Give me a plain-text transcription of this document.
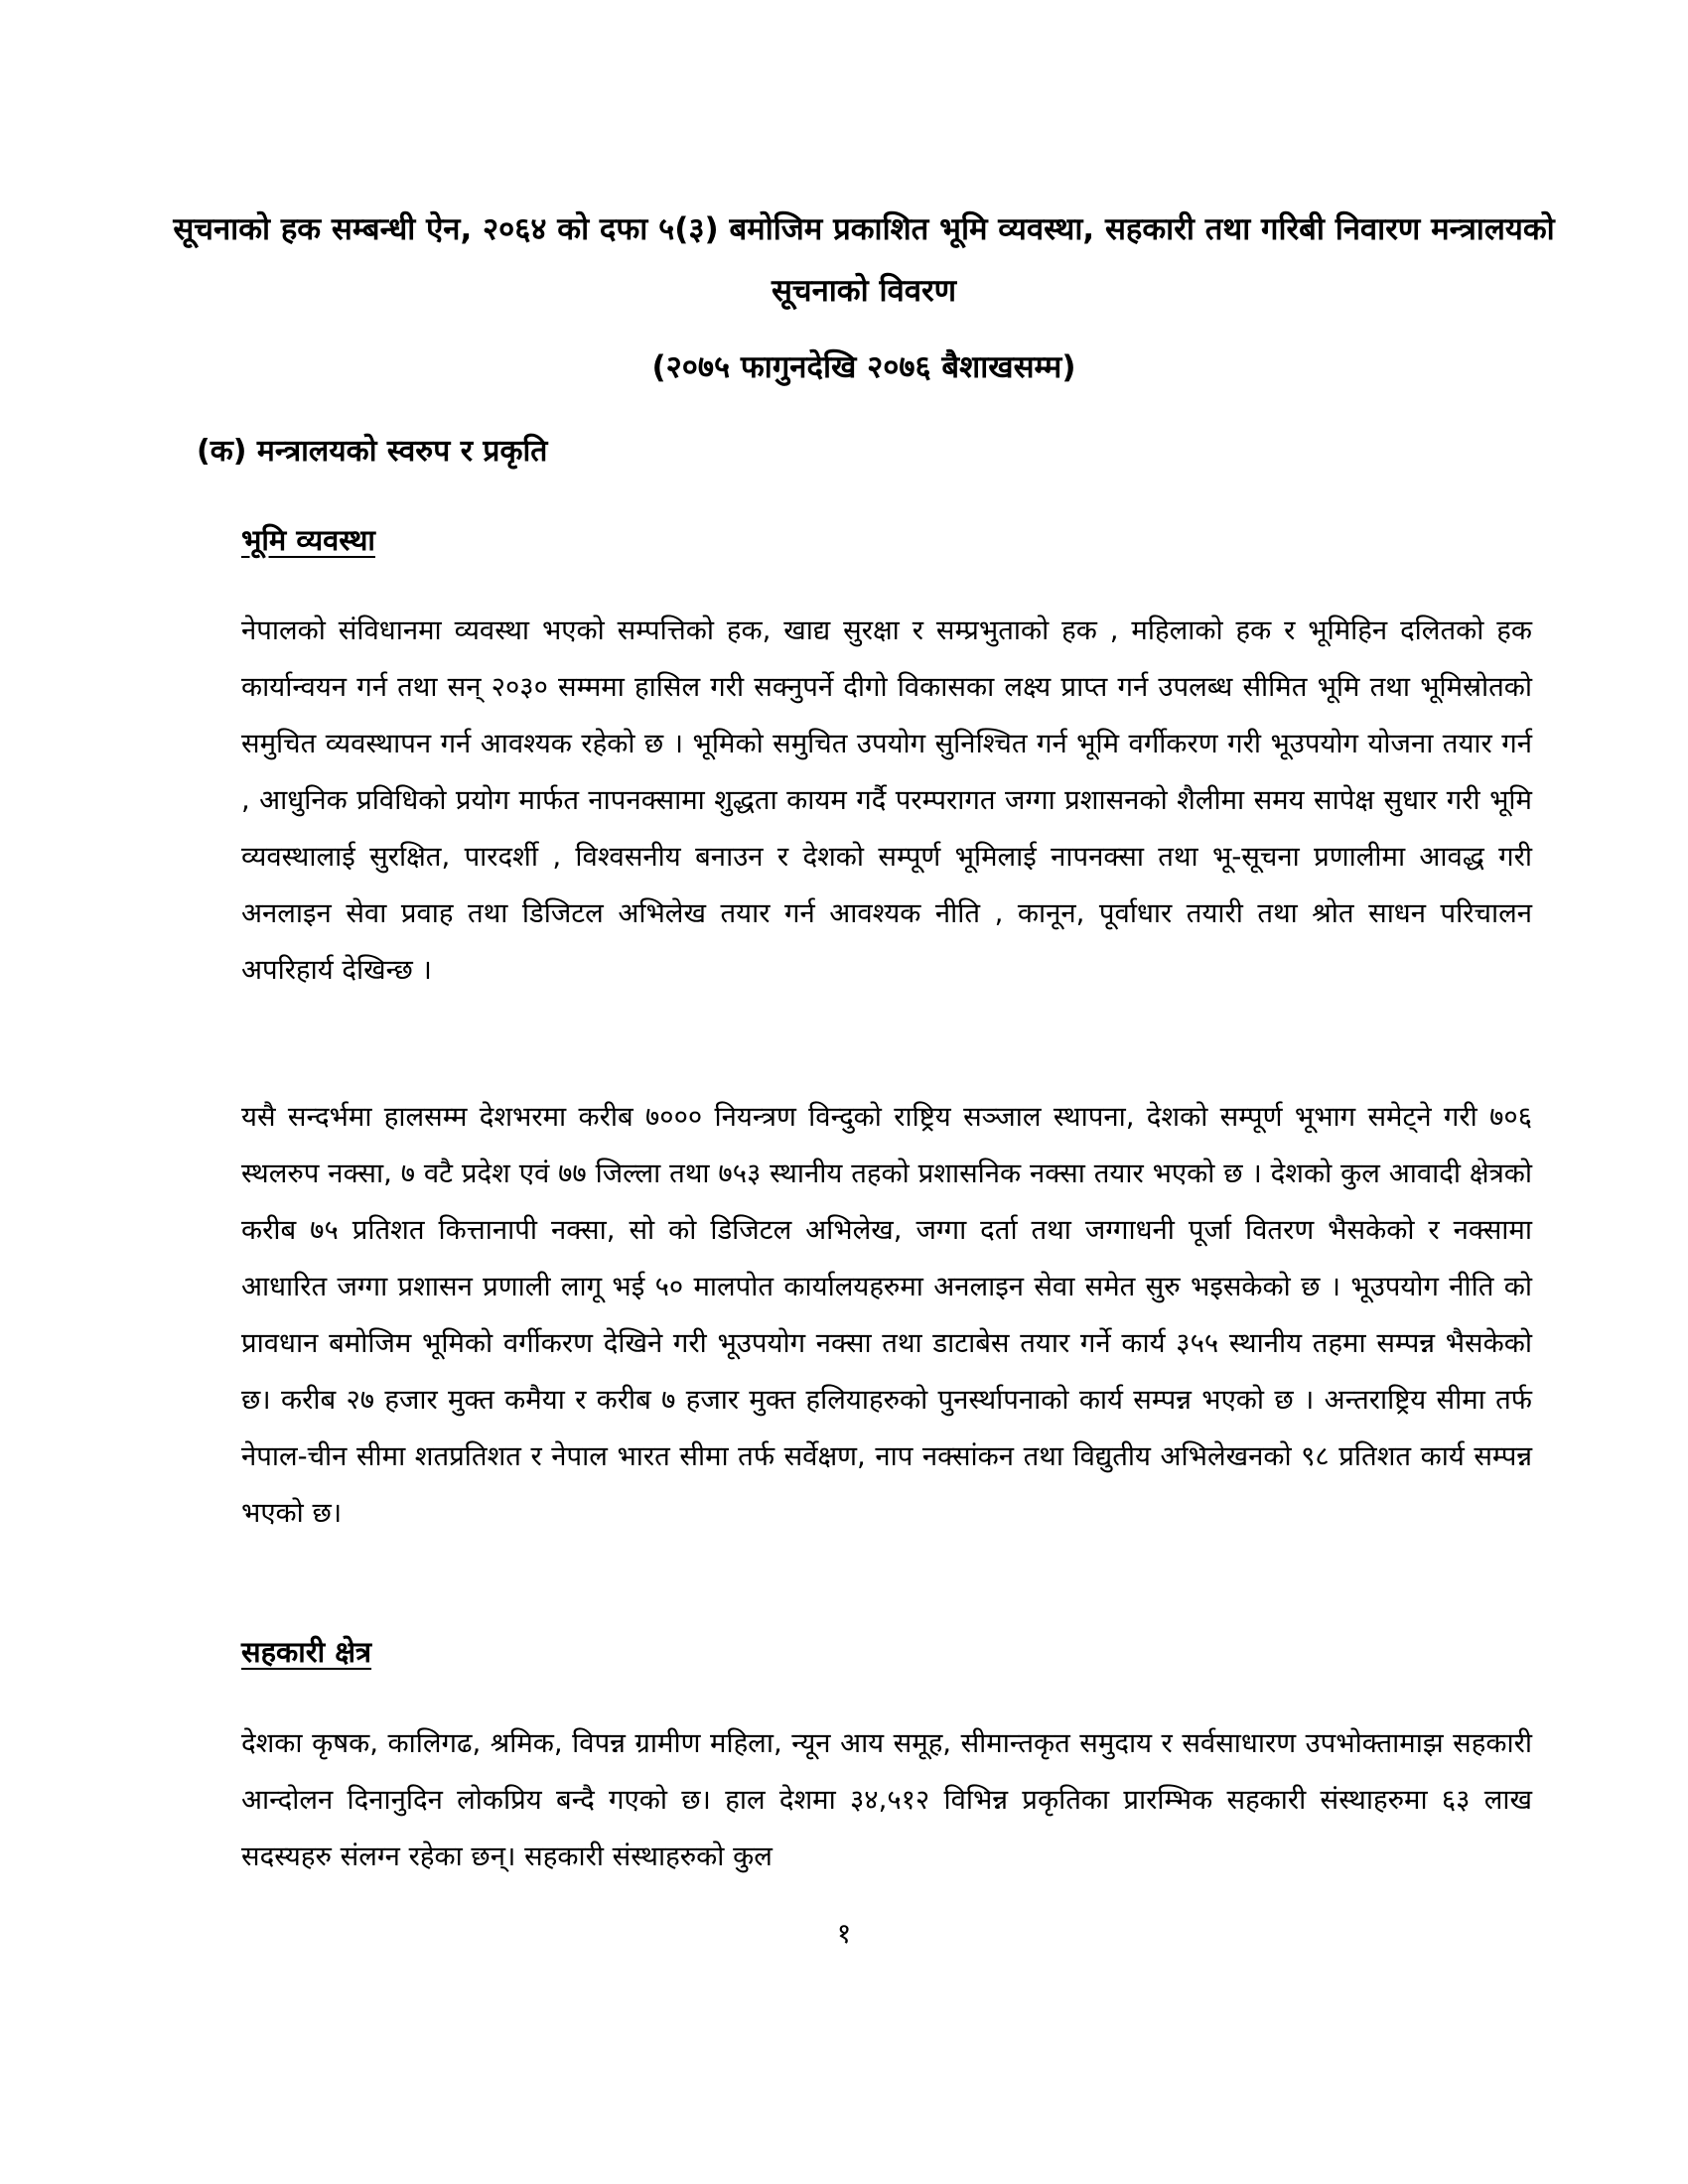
सूचनाको हक सम्बन्धी ऐन, २०६४ को दफा ५(३) बमोजिम प्रकाशित भूमि व्यवस्था, सहकारी तथा गरिबी निवारण मन्त्रालयको सूचनाको विवरण
(२०७५ फागुनदेखि २०७६ बैशाखसम्म)
(क) मन्त्रालयको स्वरुप र प्रकृति
भूमि व्यवस्था

नेपालको संविधानमा व्यवस्था भएको सम्पत्तिको हक, खाद्य सुरक्षा र सम्प्रभुताको हक , महिलाको हक र भूमिहिन दलितको हक कार्यान्वयन गर्न तथा सन् २०३० सम्ममा हासिल गरी सक्नुपर्ने दीगो विकासका लक्ष्य प्राप्त गर्न उपलब्ध सीमित भूमि तथा भूमिस्रोतको समुचित व्यवस्थापन गर्न आवश्यक रहेको छ । भूमिको समुचित उपयोग सुनिश्चित गर्न भूमि वर्गीकरण गरी भूउपयोग योजना तयार गर्न , आधुनिक प्रविधिको प्रयोग मार्फत नापनक्सामा शुद्धता कायम गर्दै परम्परागत जग्गा प्रशासनको शैलीमा समय सापेक्ष सुधार गरी भूमि व्यवस्थालाई सुरक्षित, पारदर्शी , विश्वसनीय बनाउन र देशको सम्पूर्ण भूमिलाई नापनक्सा तथा भू-सूचना प्रणालीमा आवद्ध गरी अनलाइन सेवा प्रवाह तथा डिजिटल अभिलेख तयार गर्न आवश्यक नीति , कानून, पूर्वाधार तयारी तथा श्रोत साधन परिचालन अपरिहार्य देखिन्छ ।

यसै सन्दर्भमा हालसम्म देशभरमा करीब ७००० नियन्त्रण विन्दुको राष्ट्रिय सञ्जाल स्थापना, देशको सम्पूर्ण भूभाग समेट्ने गरी ७०६ स्थलरुप नक्सा, ७ वटै प्रदेश एवं ७७ जिल्ला तथा ७५३ स्थानीय तहको प्रशासनिक नक्सा तयार भएको छ । देशको कुल आवादी क्षेत्रको करीब ७५ प्रतिशत कित्तानापी नक्सा, सो को डिजिटल अभिलेख, जग्गा दर्ता तथा जग्गाधनी पूर्जा वितरण भैसकेको र नक्सामा आधारित जग्गा प्रशासन प्रणाली लागू भई ५० मालपोत कार्यालयहरुमा अनलाइन सेवा समेत सुरु भइसकेको छ । भूउपयोग नीति को प्रावधान बमोजिम भूमिको वर्गीकरण देखिने गरी भूउपयोग नक्सा तथा डाटाबेस तयार गर्ने कार्य ३५५ स्थानीय तहमा सम्पन्न भैसकेको छ। करीब २७ हजार मुक्त कमैया र करीब ७ हजार मुक्त हलियाहरुको पुनर्स्थापनाको कार्य सम्पन्न भएको छ । अन्तराष्ट्रिय सीमा तर्फ नेपाल-चीन सीमा शतप्रतिशत र नेपाल भारत सीमा तर्फ सर्वेक्षण, नाप नक्सांकन तथा विद्युतीय अभिलेखनको ९८ प्रतिशत कार्य सम्पन्न भएको छ।

सहकारी क्षेत्र

देशका कृषक, कालिगढ, श्रमिक, विपन्न ग्रामीण महिला, न्यून आय समूह, सीमान्तकृत समुदाय र सर्वसाधारण उपभोक्तामाझ सहकारी आन्दोलन दिनानुदिन लोकप्रिय बन्दै गएको छ। हाल देशमा ३४,५१२ विभिन्न प्रकृतिका प्रारम्भिक सहकारी संस्थाहरुमा ६३ लाख सदस्यहरु संलग्न रहेका छन्। सहकारी संस्थाहरुको कुल

१
